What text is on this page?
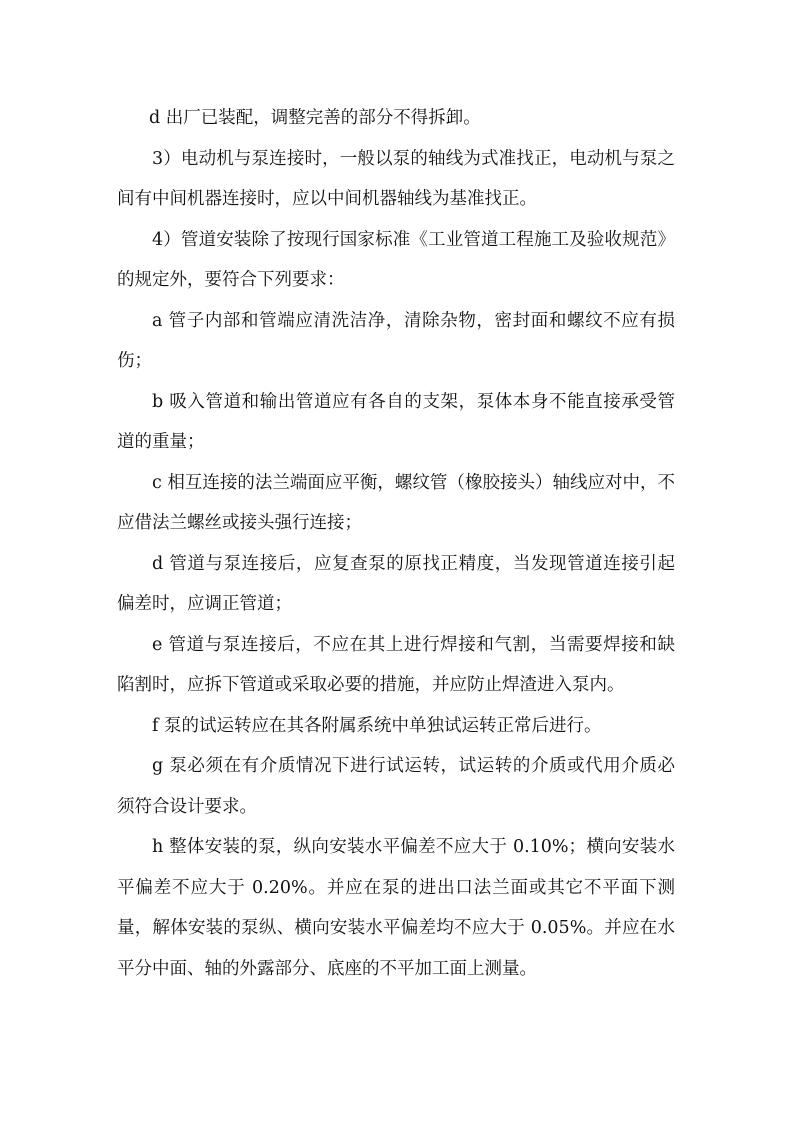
d 出厂已装配，调整完善的部分不得拆卸。

3）电动机与泵连接时，一般以泵的轴线为式准找正，电动机与泵之间有中间机器连接时，应以中间机器轴线为基准找正。

4）管道安装除了按现行国家标准《工业管道工程施工及验收规范》的规定外，要符合下列要求：

a 管子内部和管端应清洗洁净，清除杂物，密封面和螺纹不应有损伤；

b 吸入管道和输出管道应有各自的支架，泵体本身不能直接承受管道的重量；

c 相互连接的法兰端面应平衡，螺纹管（橡胶接头）轴线应对中，不应借法兰螺丝或接头强行连接；

d 管道与泵连接后，应复查泵的原找正精度，当发现管道连接引起偏差时，应调正管道；

e 管道与泵连接后，不应在其上进行焊接和气割，当需要焊接和缺陷割时，应拆下管道或采取必要的措施，并应防止焊渣进入泵内。

f 泵的试运转应在其各附属系统中单独试运转正常后进行。

g 泵必须在有介质情况下进行试运转，试运转的介质或代用介质必须符合设计要求。

h 整体安装的泵，纵向安装水平偏差不应大于 0.10%；横向安装水平偏差不应大于 0.20%。并应在泵的进出口法兰面或其它不平面下测量，解体安装的泵纵、横向安装水平偏差均不应大于 0.05%。并应在水平分中面、轴的外露部分、底座的不平加工面上测量。
